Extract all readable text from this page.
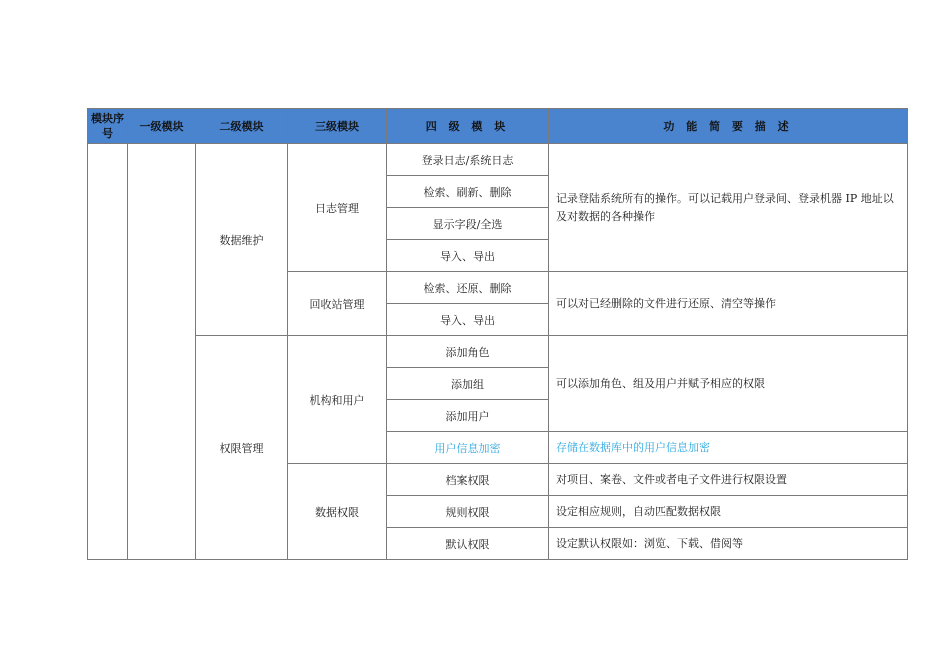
模块序号	一级模块	二级模块	三级模块	四 级 模 块	功 能 简 要 描 述
		数据维护	日志管理	登录日志/系统日志	记录登陆系统所有的操作。可以记载用户登录间、登录机器 IP 地址以及对数据的各种操作
				检索、刷新、删除	
				显示字段/全选	
				导入、导出	
			回收站管理	检索、还原、删除	可以对已经删除的文件进行还原、清空等操作
				导入、导出	
		权限管理	机构和用户	添加角色	可以添加角色、组及用户并赋予相应的权限
				添加组	
				添加用户	
				用户信息加密	存储在数据库中的用户信息加密
			数据权限	档案权限	对项目、案卷、文件或者电子文件进行权限设置
				规则权限	设定相应规则，自动匹配数据权限
				默认权限	设定默认权限如：浏览、下载、借阅等
